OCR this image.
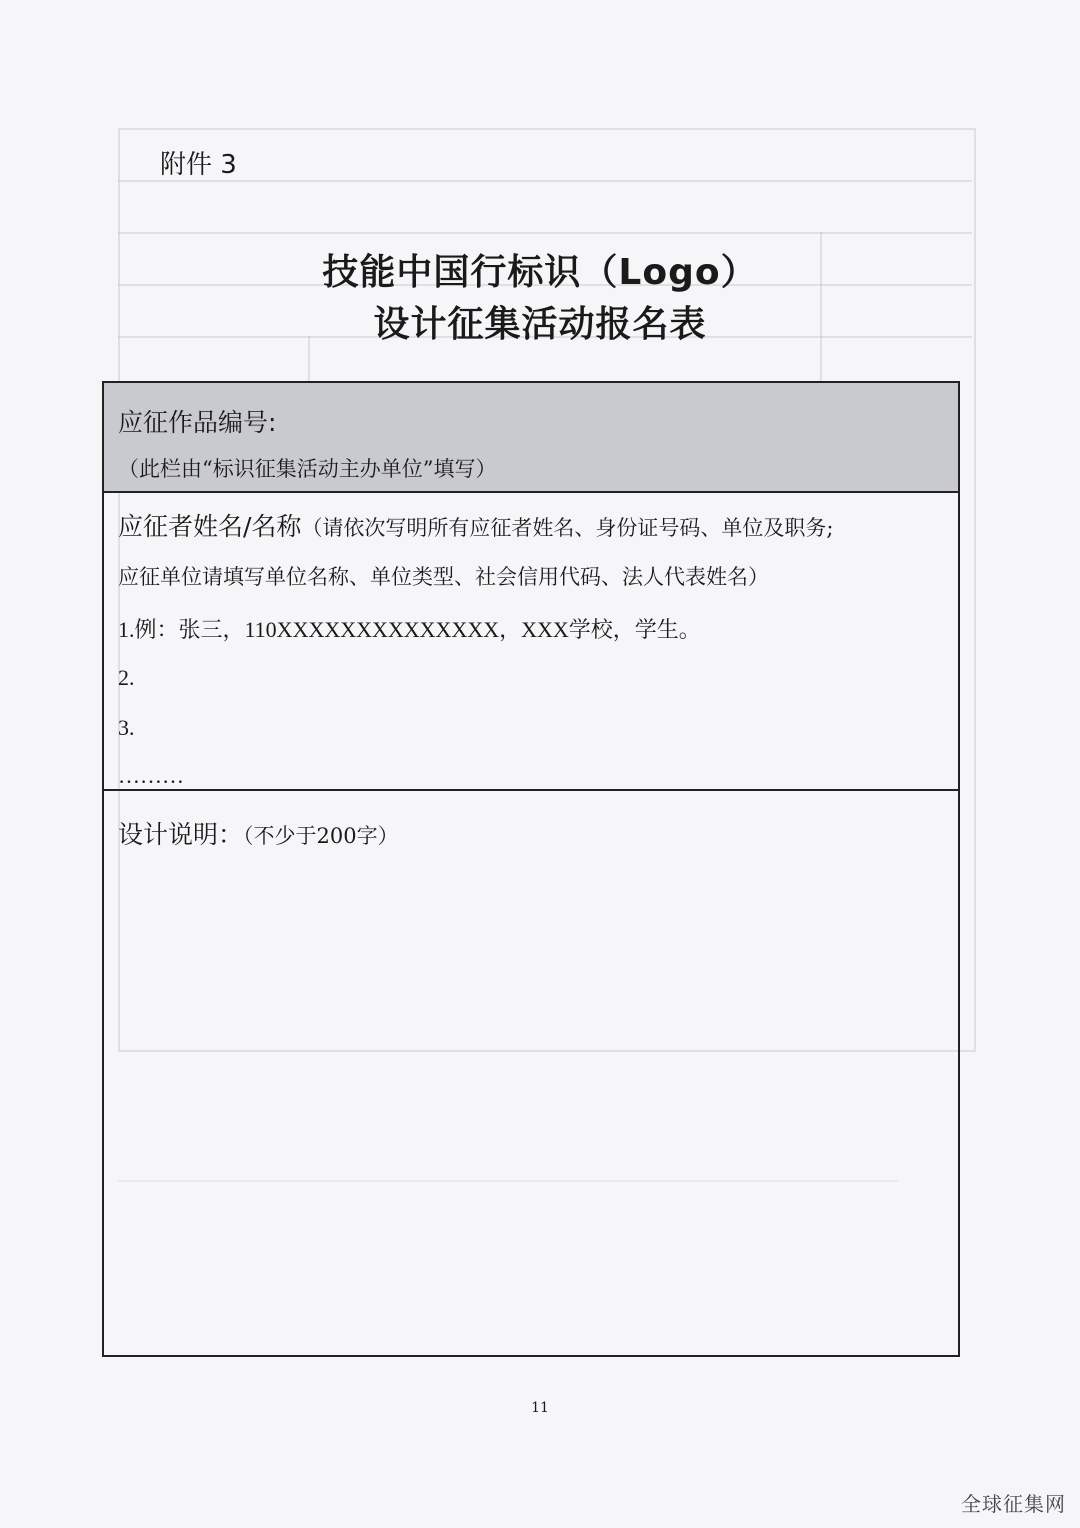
附件 3
技能中国行标识（Logo）
设计征集活动报名表
应征作品编号:
（此栏由“标识征集活动主办单位”填写）
应征者姓名/名称（请依次写明所有应征者姓名、身份证号码、单位及职务;
应征单位请填写单位名称、单位类型、社会信用代码、法人代表姓名）
1.例：张三，110XXXXXXXXXXXXXX，XXX学校，学生。
2.
3.
………
设计说明：（不少于200字）
11
全球征集网
